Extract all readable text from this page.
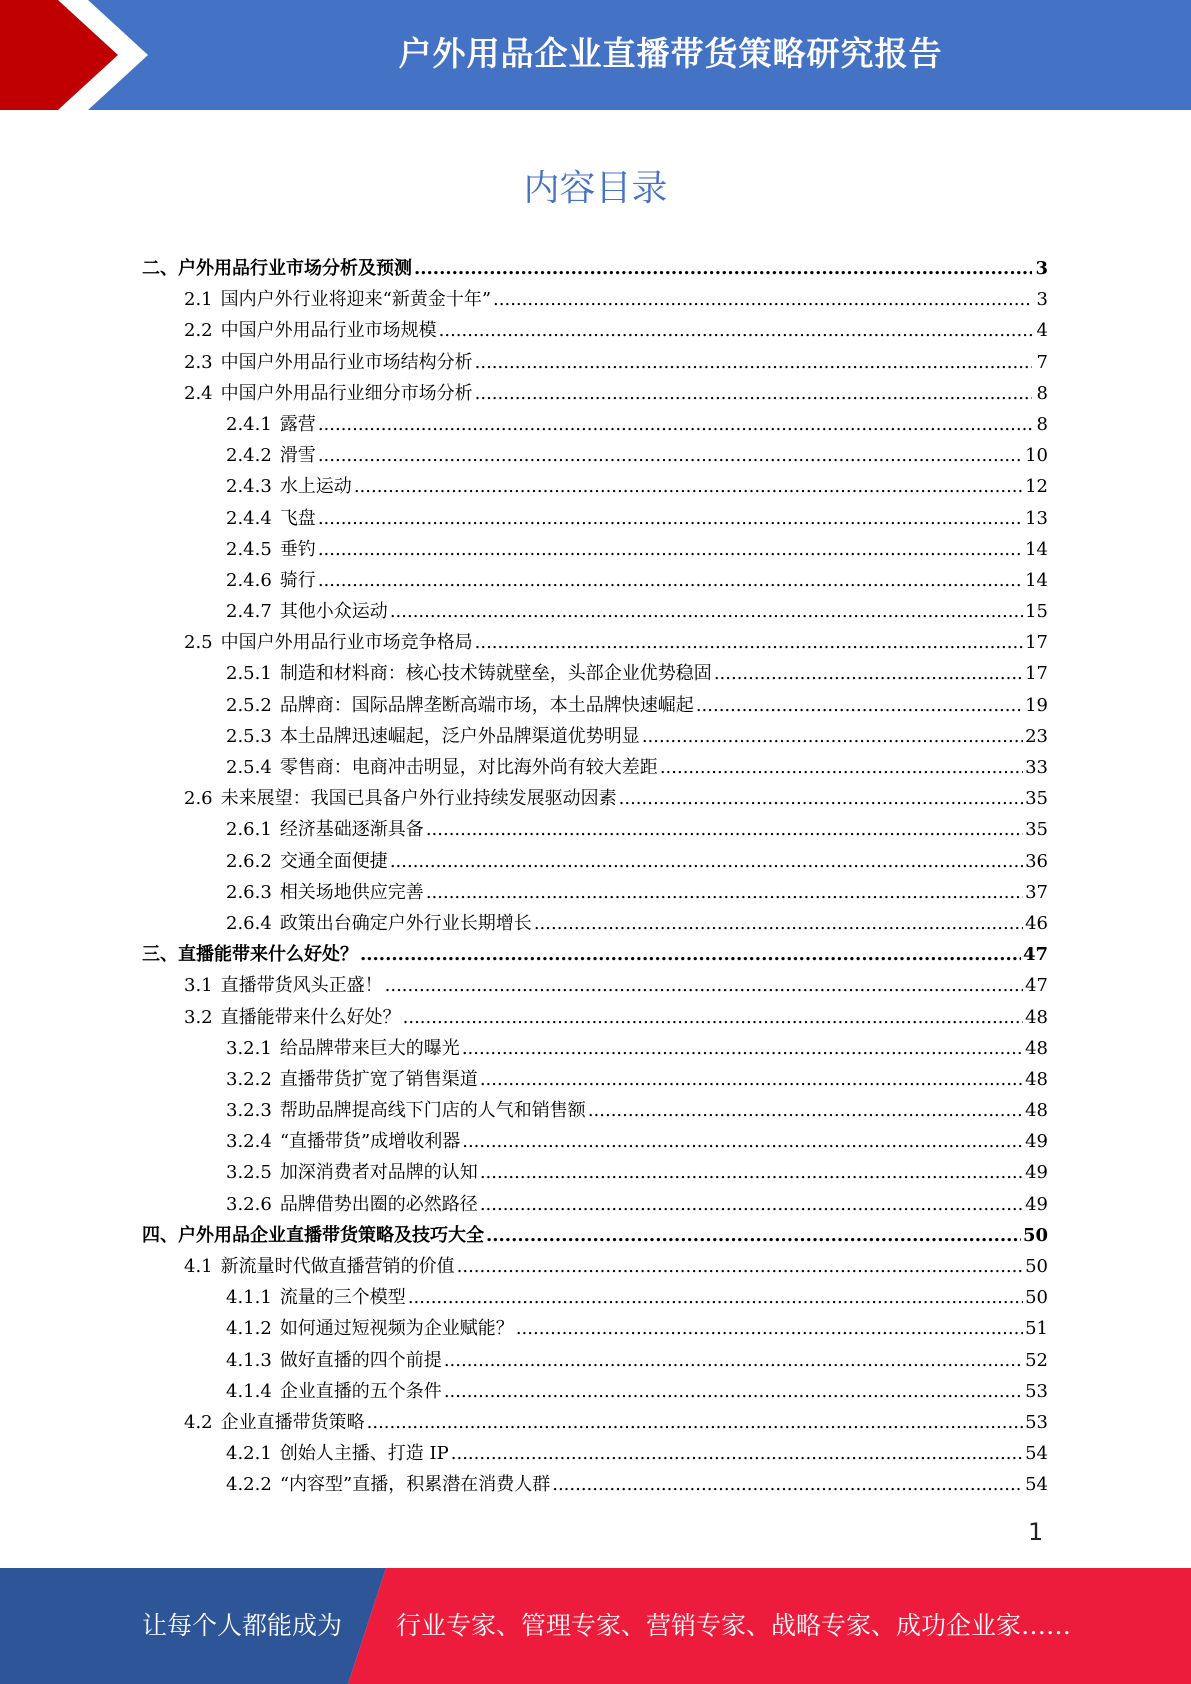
户外用品企业直播带货策略研究报告
内容目录
二、 户外用品行业市场分析及预测 .....	3
2.1 国内户外行业将迎来“新黄金十年” .....	3
2.2 中国户外用品行业市场规模 .....	4
2.3 中国户外用品行业市场结构分析 .....	7
2.4 中国户外用品行业细分市场分析 .....	8
2.4.1 露营 .....	8
2.4.2 滑雪 .....	10
2.4.3 水上运动 .....	12
2.4.4 飞盘 .....	13
2.4.5 垂钓 .....	14
2.4.6 骑行 .....	14
2.4.7 其他小众运动 .....	15
2.5 中国户外用品行业市场竞争格局 .....	17
2.5.1 制造和材料商：核心技术铸就壁垒，头部企业优势稳固 .....	17
2.5.2 品牌商：国际品牌垄断高端市场，本土品牌快速崛起 .....	19
2.5.3 本土品牌迅速崛起，泛户外品牌渠道优势明显 .....	23
2.5.4 零售商：电商冲击明显，对比海外尚有较大差距 .....	33
2.6 未来展望：我国已具备户外行业持续发展驱动因素 .....	35
2.6.1 经济基础逐渐具备 .....	35
2.6.2 交通全面便捷 .....	36
2.6.3 相关场地供应完善 .....	37
2.6.4 政策出台确定户外行业长期增长 .....	46
三、 直播能带来什么好处？ .....	47
3.1 直播带货风头正盛！ .....	47
3.2 直播能带来什么好处？ .....	48
3.2.1 给品牌带来巨大的曝光 .....	48
3.2.2 直播带货扩宽了销售渠道 .....	48
3.2.3 帮助品牌提高线下门店的人气和销售额 .....	48
3.2.4 “直播带货”成增收利器 .....	49
3.2.5 加深消费者对品牌的认知 .....	49
3.2.6 品牌借势出圈的必然路径 .....	49
四、 户外用品企业直播带货策略及技巧大全 .....	50
4.1 新流量时代做直播营销的价值 .....	50
4.1.1 流量的三个模型 .....	50
4.1.2 如何通过短视频为企业赋能？ .....	51
4.1.3 做好直播的四个前提 .....	52
4.1.4 企业直播的五个条件 .....	53
4.2 企业直播带货策略 .....	53
4.2.1 创始人主播、打造 IP .....	54
4.2.2 “内容型”直播，积累潜在消费人群 .....	54
1
让每个人都能成为 行业专家、管理专家、营销专家、战略专家、成功企业家……
